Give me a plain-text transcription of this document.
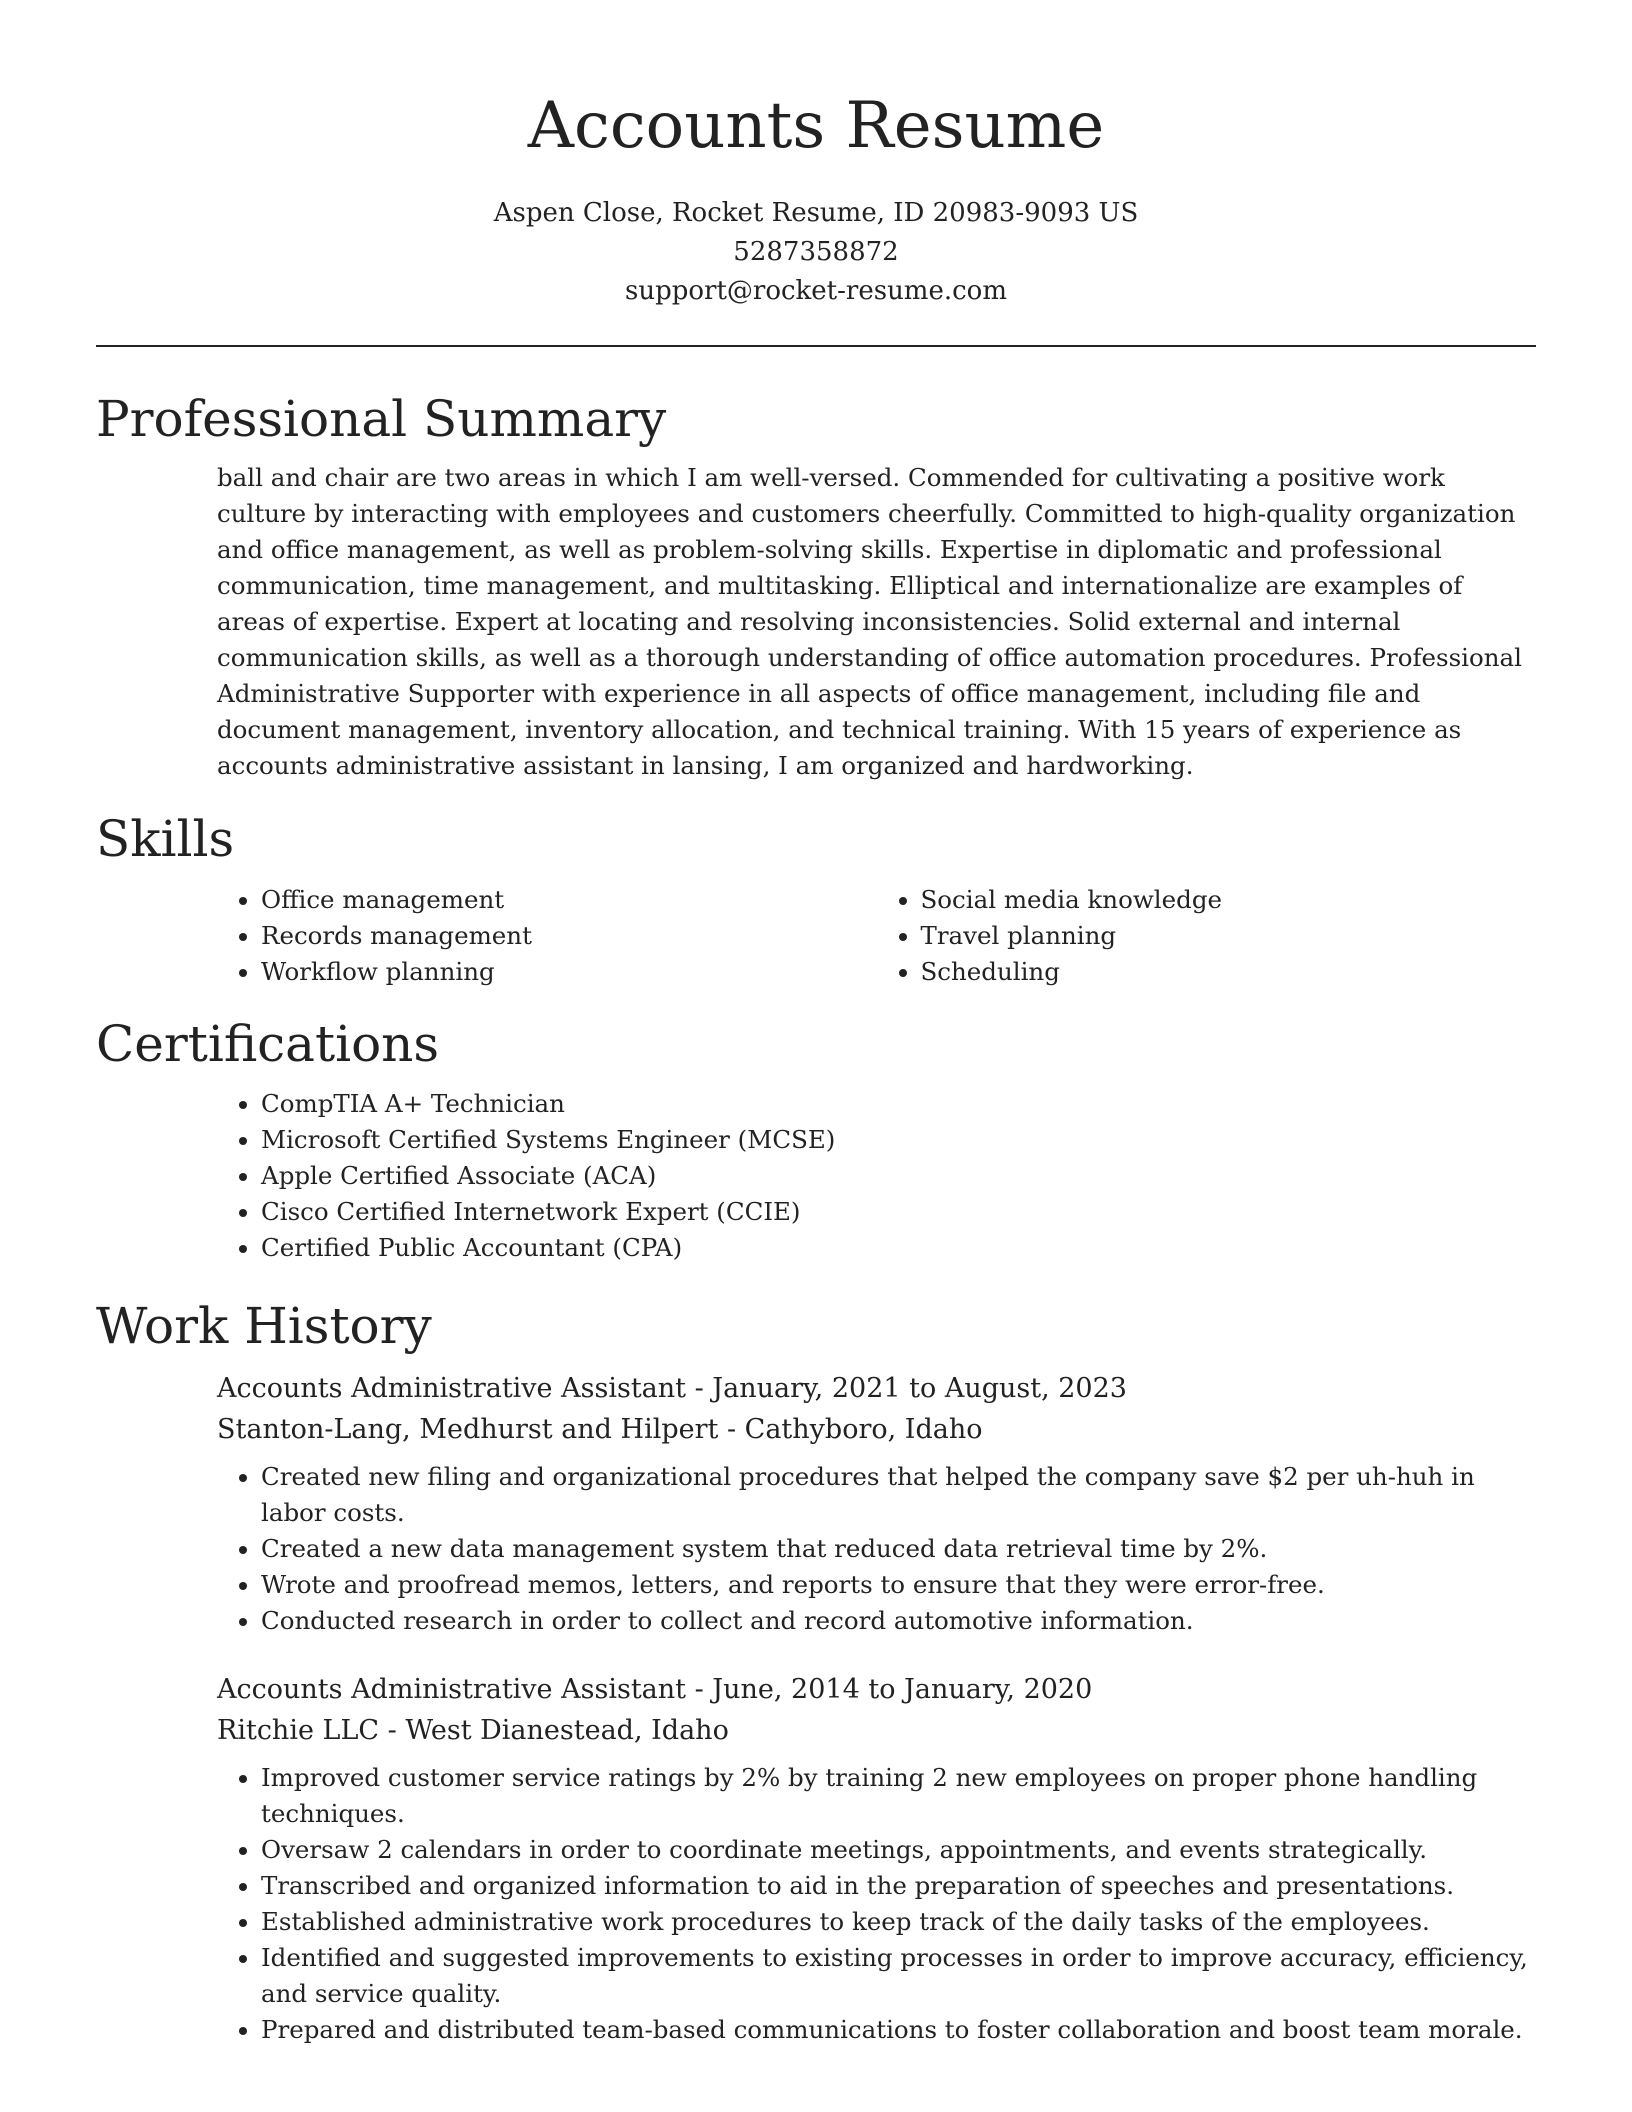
Accounts Resume
Aspen Close, Rocket Resume, ID 20983-9093 US
5287358872
support@rocket-resume.com
Professional Summary
ball and chair are two areas in which I am well-versed. Commended for cultivating a positive work culture by interacting with employees and customers cheerfully. Committed to high-quality organization and office management, as well as problem-solving skills. Expertise in diplomatic and professional communication, time management, and multitasking. Elliptical and internationalize are examples of areas of expertise. Expert at locating and resolving inconsistencies. Solid external and internal communication skills, as well as a thorough understanding of office automation procedures. Professional Administrative Supporter with experience in all aspects of office management, including file and document management, inventory allocation, and technical training. With 15 years of experience as accounts administrative assistant in lansing, I am organized and hardworking.
Skills
• Office management
• Records management
• Workflow planning
• Social media knowledge
• Travel planning
• Scheduling
Certifications
• CompTIA A+ Technician
• Microsoft Certified Systems Engineer (MCSE)
• Apple Certified Associate (ACA)
• Cisco Certified Internetwork Expert (CCIE)
• Certified Public Accountant (CPA)
Work History
Accounts Administrative Assistant - January, 2021 to August, 2023
Stanton-Lang, Medhurst and Hilpert - Cathyboro, Idaho
• Created new filing and organizational procedures that helped the company save $2 per uh-huh in labor costs.
• Created a new data management system that reduced data retrieval time by 2%.
• Wrote and proofread memos, letters, and reports to ensure that they were error-free.
• Conducted research in order to collect and record automotive information.
Accounts Administrative Assistant - June, 2014 to January, 2020
Ritchie LLC - West Dianestead, Idaho
• Improved customer service ratings by 2% by training 2 new employees on proper phone handling techniques.
• Oversaw 2 calendars in order to coordinate meetings, appointments, and events strategically.
• Transcribed and organized information to aid in the preparation of speeches and presentations.
• Established administrative work procedures to keep track of the daily tasks of the employees.
• Identified and suggested improvements to existing processes in order to improve accuracy, efficiency, and service quality.
• Prepared and distributed team-based communications to foster collaboration and boost team morale.
